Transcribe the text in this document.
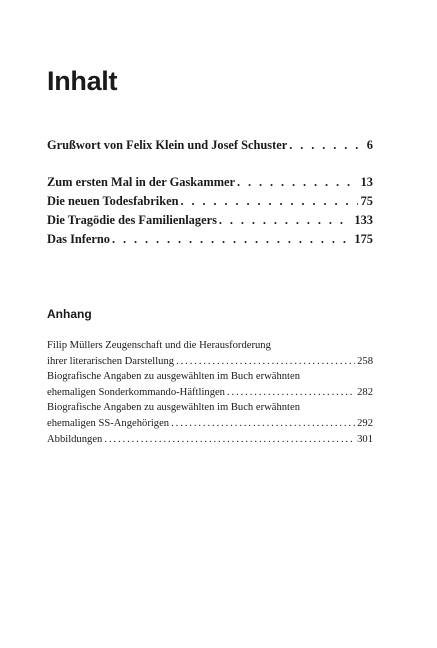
Inhalt
Grußwort von Felix Klein und Josef Schuster . . .	6
Zum ersten Mal in der Gaskammer . . .	13
Die neuen Todesfabriken . . .	75
Die Tragödie des Familienlagers . . .	133
Das Inferno . . .	175
Anhang
Filip Müllers Zeugenschaft und die Herausforderung
ihrer literarischen Darstellung .....	258
Biografische Angaben zu ausgewählten im Buch erwähnten
ehemaligen Sonderkommando-Häftlingen .....	282
Biografische Angaben zu ausgewählten im Buch erwähnten
ehemaligen SS-Angehörigen .....	292
Abbildungen .....	301
